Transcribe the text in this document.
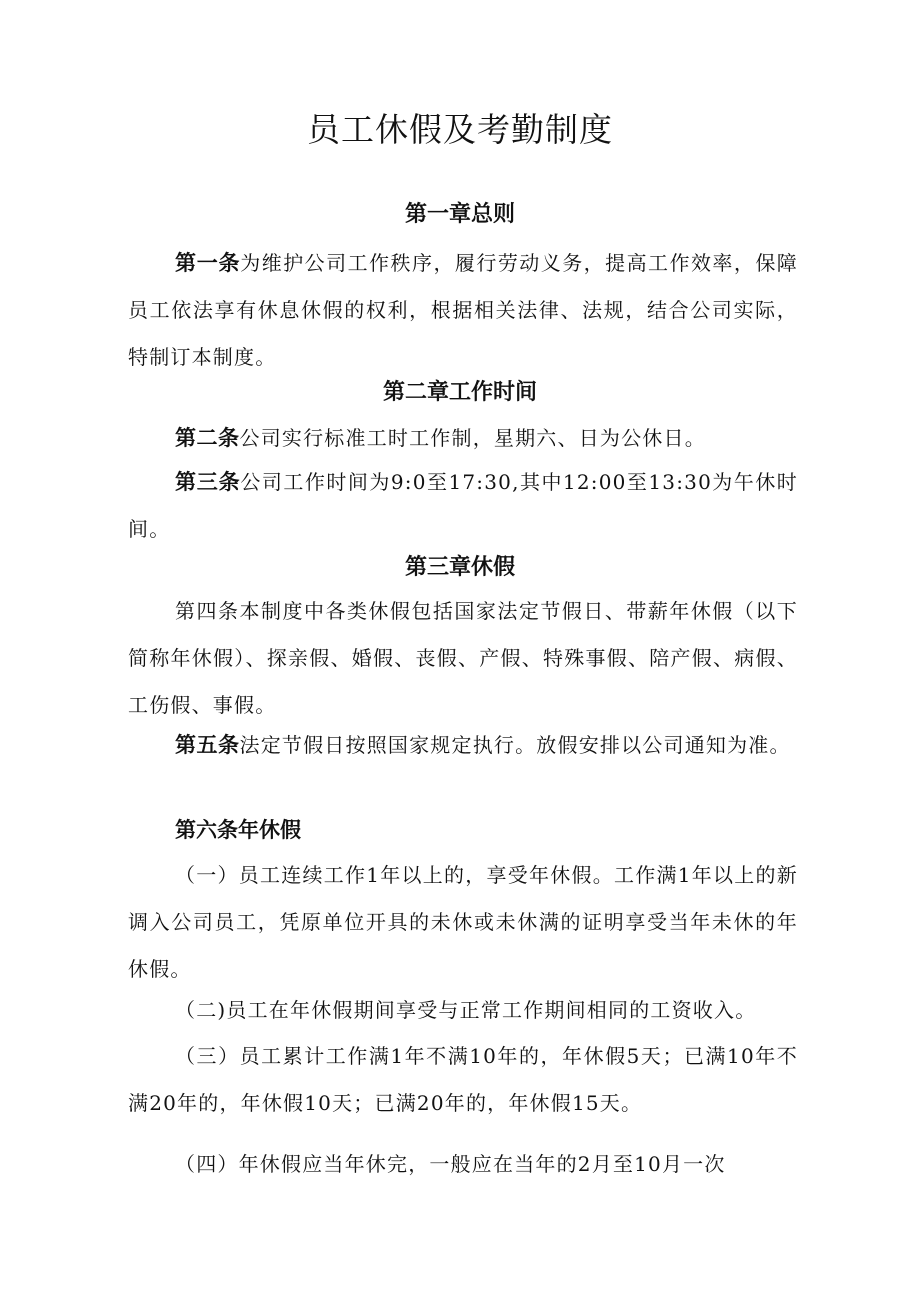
员工休假及考勤制度
第一章总则

第一条为维护公司工作秩序，履行劳动义务，提高工作效率，保障员工依法享有休息休假的权利，根据相关法律、法规，结合公司实际，特制订本制度。

第二章工作时间

第二条公司实行标准工时工作制，星期六、日为公休日。

第三条公司工作时间为9:0至17:30,其中12:00至13:30为午休时间。

第三章休假

第四条本制度中各类休假包括国家法定节假日、带薪年休假（以下简称年休假）、探亲假、婚假、丧假、产假、特殊事假、陪产假、病假、工伤假、事假。

第五条法定节假日按照国家规定执行。放假安排以公司通知为准。

第六条年休假

（一）员工连续工作1年以上的，享受年休假。工作满1年以上的新调入公司员工，凭原单位开具的未休或未休满的证明享受当年未休的年休假。

（二)员工在年休假期间享受与正常工作期间相同的工资收入。

（三）员工累计工作满1年不满10年的，年休假5天；已满10年不满20年的，年休假10天；已满20年的，年休假15天。

（四）年休假应当年休完，一般应在当年的2月至10月一次
